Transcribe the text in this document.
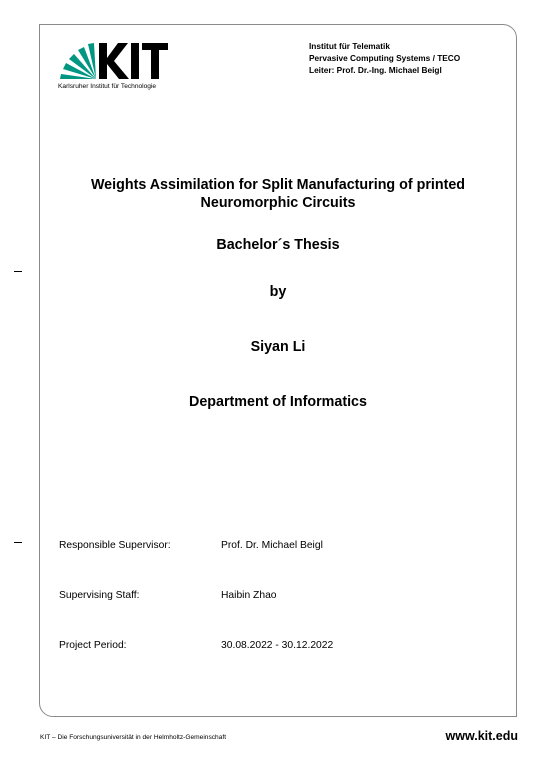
Karlsruher Institut für Technologie
Institut für Telematik
Pervasive Computing Systems / TECO
Leiter: Prof. Dr.-Ing. Michael Beigl
Weights Assimilation for Split Manufacturing of printed
Neuromorphic Circuits
Bachelor´s Thesis
by
Siyan Li
Department of Informatics
Responsible Supervisor:	Prof. Dr. Michael Beigl
Supervising Staff:	Haibin Zhao
Project Period:	30.08.2022 - 30.12.2022
KIT – Die Forschungsuniversität in der Helmholtz-Gemeinschaft	www.kit.edu
